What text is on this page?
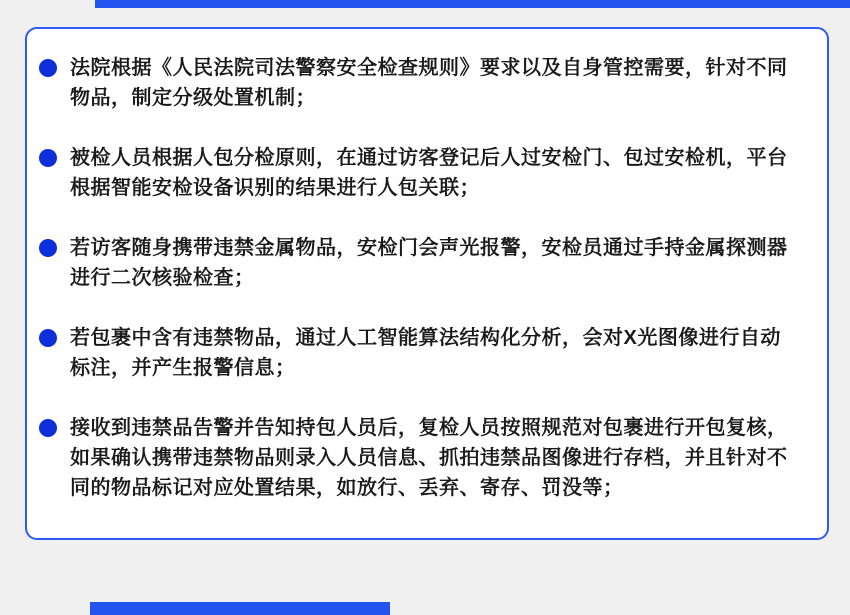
法院根据《人民法院司法警察安全检查规则》要求以及自身管控需要，针对不同物品，制定分级处置机制；

被检人员根据人包分检原则，在通过访客登记后人过安检门、包过安检机，平台根据智能安检设备识别的结果进行人包关联；

若访客随身携带违禁金属物品，安检门会声光报警，安检员通过手持金属探测器进行二次核验检查；

若包裹中含有违禁物品，通过人工智能算法结构化分析，会对X光图像进行自动标注，并产生报警信息；

接收到违禁品告警并告知持包人员后，复检人员按照规范对包裹进行开包复核，如果确认携带违禁物品则录入人员信息、抓拍违禁品图像进行存档，并且针对不同的物品标记对应处置结果，如放行、丢弃、寄存、罚没等；
